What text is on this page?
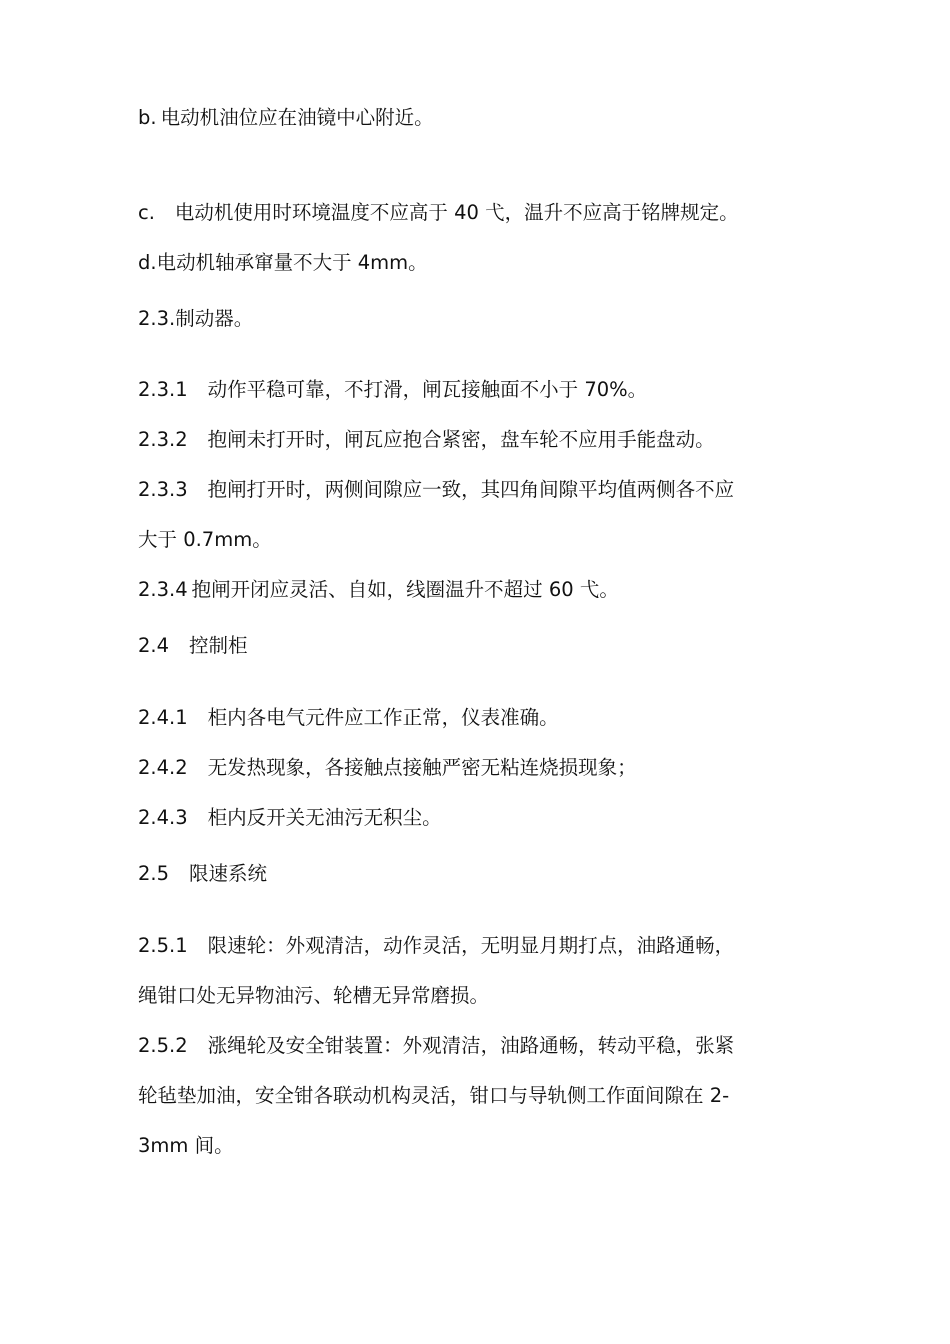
b. 电动机油位应在油镜中心附近。
c. 电动机使用时环境温度不应高于 40 弋，温升不应高于铭牌规定。
d.电动机轴承窜量不大于 4mm。
2.3.制动器。
2.3.1 动作平稳可靠，不打滑，闸瓦接触面不小于 70%。
2.3.2 抱闸未打开时，闸瓦应抱合紧密，盘车轮不应用手能盘动。
2.3.3 抱闸打开时，两侧间隙应一致，其四角间隙平均值两侧各不应
大于 0.7mm。
2.3.4 抱闸开闭应灵活、自如，线圈温升不超过 60 弋。
2.4 控制柜
2.4.1 柜内各电气元件应工作正常，仪表准确。
2.4.2 无发热现象，各接触点接触严密无粘连烧损现象；
2.4.3 柜内反开关无油污无积尘。
2.5 限速系统
2.5.1 限速轮：外观清洁，动作灵活，无明显月期打点，油路通畅，
绳钳口处无异物油污、轮槽无异常磨损。
2.5.2 涨绳轮及安全钳装置：外观清洁，油路通畅，转动平稳，张紧
轮毡垫加油，安全钳各联动机构灵活，钳口与导轨侧工作面间隙在 2-
3mm 间。
